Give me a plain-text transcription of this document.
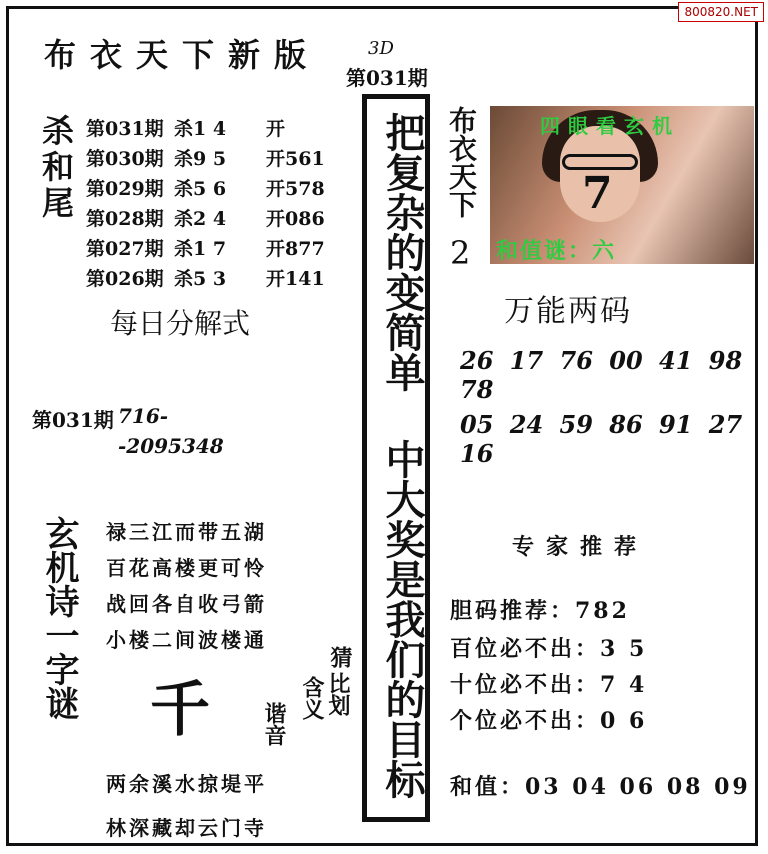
800820.NET
布衣天下新版	3D
第031期
杀和尾 第031期 杀1 4	开
第030期 杀9 5	开561
第029期 杀5 6	开578
第028期 杀2 4	开086
第027期 杀1 7	开877
第026期 杀5 3	开141
每日分解式
第031期 716-
-2095348
玄机诗一字谜 禄三江而带五湖
百花高楼更可怜
战回各自收弓箭
小楼二间波楼通
千
猜
比划
含义
谐音
两余溪水掠堤平
林深藏却云门寺
把复杂的变简单 中大奖是我们的目标 布衣天下
2
四眼看玄机
7
和值谜：六
万能两码
26 17 76 00 41 98 78
05 24 59 86 91 27 16
专家推荐
胆码推荐：782
百位必不出：3 5
十位必不出：7 4
个位必不出：0 6
和值：03 04 06 08 09
